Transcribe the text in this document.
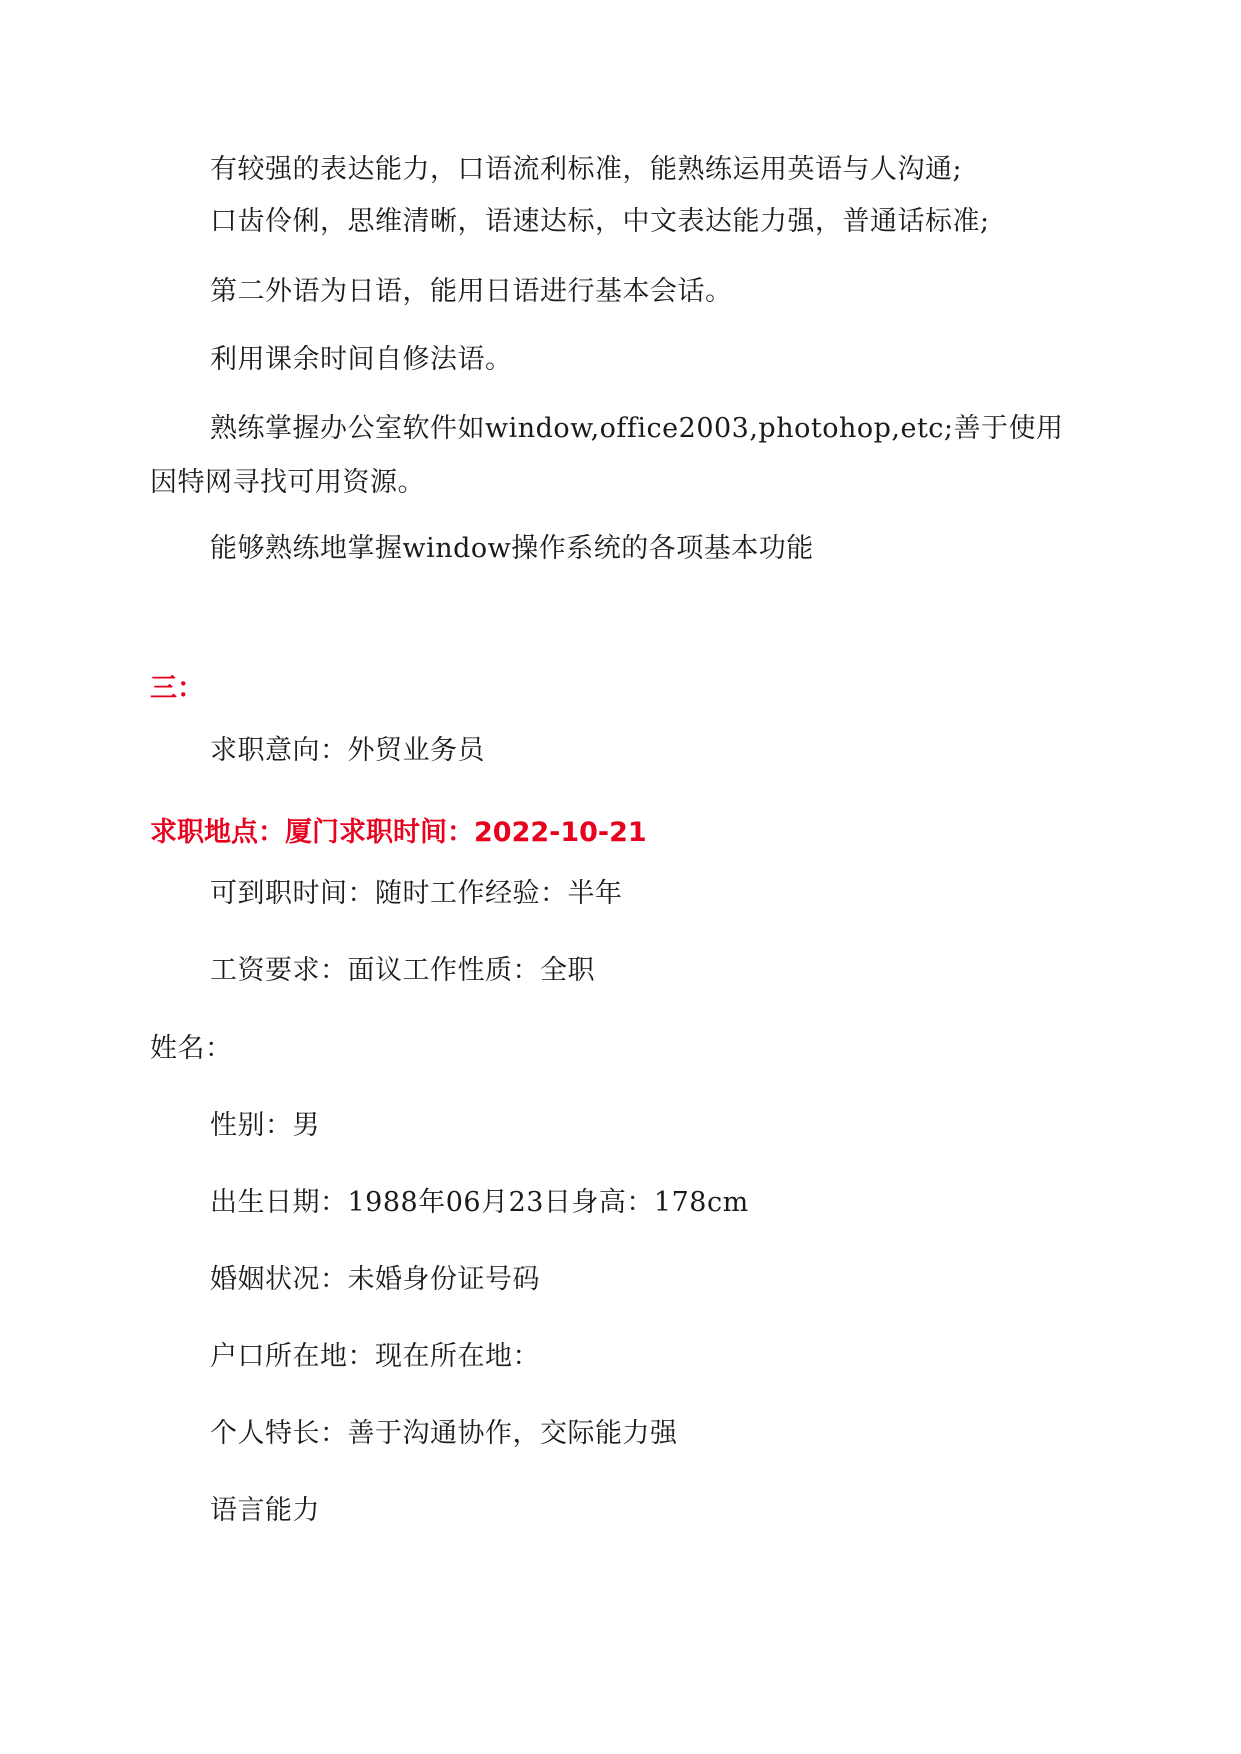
有较强的表达能力，口语流利标准，能熟练运用英语与人沟通;
口齿伶俐，思维清晰，语速达标，中文表达能力强，普通话标准;
第二外语为日语，能用日语进行基本会话。
利用课余时间自修法语。
熟练掌握办公室软件如window,office2003,photohop,etc;善于使用因特网寻找可用资源。
能够熟练地掌握window操作系统的各项基本功能
三：
求职意向：外贸业务员
求职地点：厦门求职时间：2022-10-21
可到职时间：随时工作经验：半年
工资要求：面议工作性质：全职
姓名：
性别：男
出生日期：1988年06月23日身高：178cm
婚姻状况：未婚身份证号码
户口所在地：现在所在地：
个人特长：善于沟通协作，交际能力强
语言能力
